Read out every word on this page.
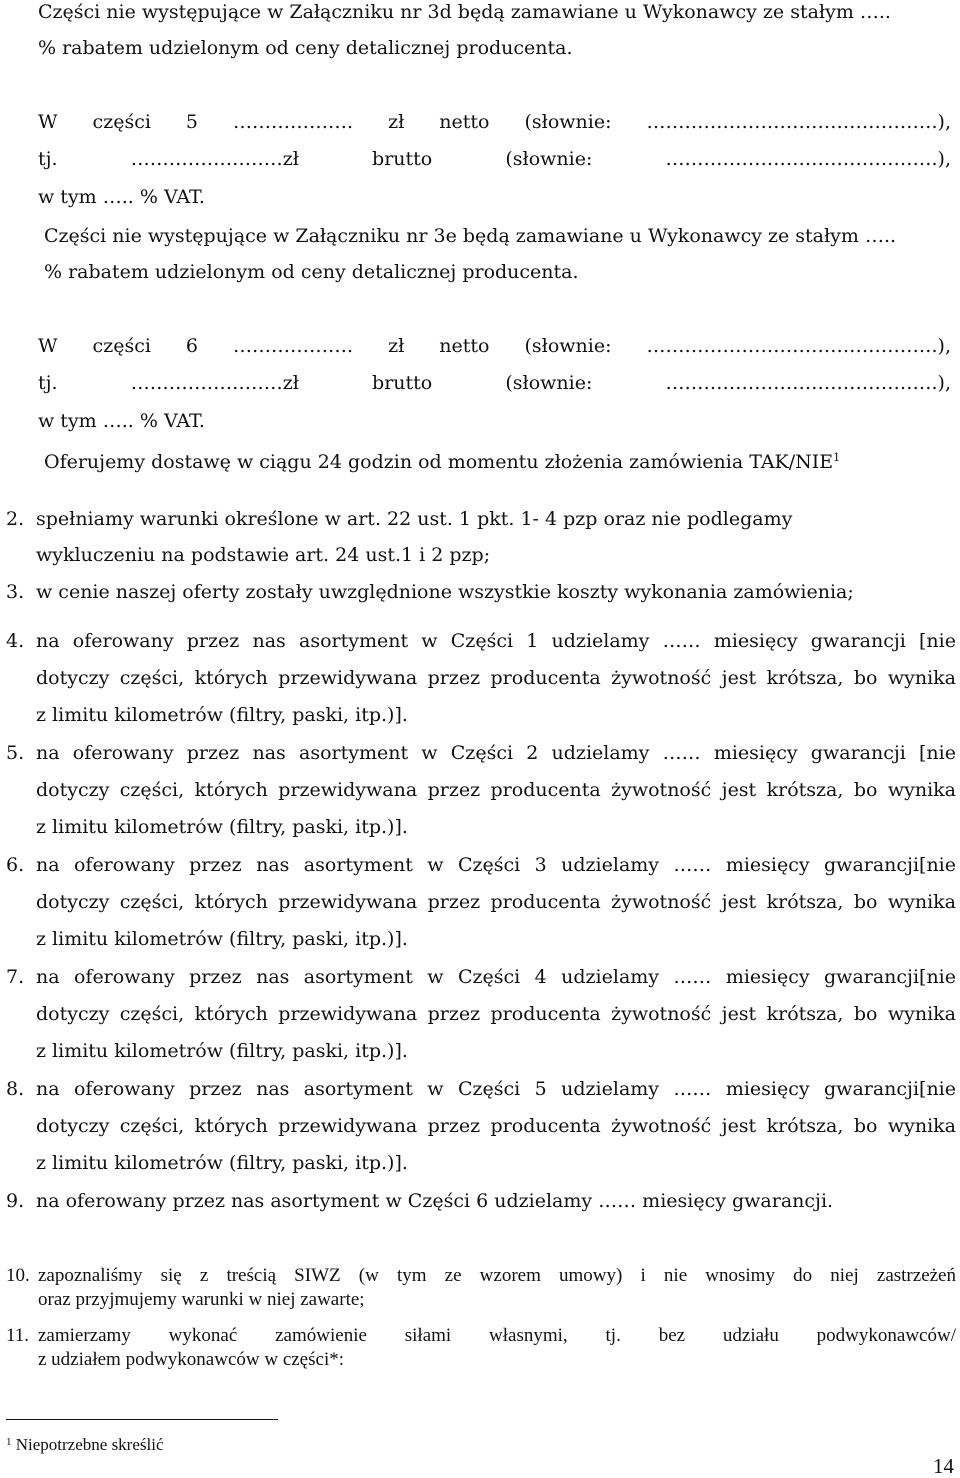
Części nie występujące w Załączniku nr 3d będą zamawiane u Wykonawcy ze stałym …..
% rabatem udzielonym od ceny detalicznej producenta.
W części 5 ………………. zł netto (słownie: ……………………………………….),
tj. ……………………zł brutto (słownie: …………………………………….),
w tym ….. % VAT.
Części nie występujące w Załączniku nr 3e będą zamawiane u Wykonawcy ze stałym …..
% rabatem udzielonym od ceny detalicznej producenta.
W części 6 ………………. zł netto (słownie: ……………………………………….),
tj. ……………………zł brutto (słownie: …………………………………….),
w tym ….. % VAT.
Oferujemy dostawę w ciągu 24 godzin od momentu złożenia zamówienia TAK/NIE$^1$
2. spełniamy warunki określone w art. 22 ust. 1 pkt. 1- 4 pzp oraz nie podlegamy
wykluczeniu na podstawie art. 24 ust.1 i 2 pzp;
3. w cenie naszej oferty zostały uwzględnione wszystkie koszty wykonania zamówienia;
4. na oferowany przez nas asortyment w Części 1 udzielamy …… miesięcy gwarancji [nie
dotyczy części, których przewidywana przez producenta żywotność jest krótsza, bo wynika
z limitu kilometrów (filtry, paski, itp.)].
5. na oferowany przez nas asortyment w Części 2 udzielamy …… miesięcy gwarancji [nie
dotyczy części, których przewidywana przez producenta żywotność jest krótsza, bo wynika
z limitu kilometrów (filtry, paski, itp.)].
6. na oferowany przez nas asortyment w Części 3 udzielamy …… miesięcy gwarancji[nie
dotyczy części, których przewidywana przez producenta żywotność jest krótsza, bo wynika
z limitu kilometrów (filtry, paski, itp.)].
7. na oferowany przez nas asortyment w Części 4 udzielamy …… miesięcy gwarancji[nie
dotyczy części, których przewidywana przez producenta żywotność jest krótsza, bo wynika
z limitu kilometrów (filtry, paski, itp.)].
8. na oferowany przez nas asortyment w Części 5 udzielamy …… miesięcy gwarancji[nie
dotyczy części, których przewidywana przez producenta żywotność jest krótsza, bo wynika
z limitu kilometrów (filtry, paski, itp.)].
9. na oferowany przez nas asortyment w Części 6 udzielamy …… miesięcy gwarancji.
10. zapoznaliśmy się z treścią SIWZ (w tym ze wzorem umowy) i nie wnosimy do niej zastrzeżeń
oraz przyjmujemy warunki w niej zawarte;
11. zamierzamy wykonać zamówienie siłami własnymi, tj. bez udziału podwykonawców/
z udziałem podwykonawców w części*:
$^1$ Niepotrzebne skreślić
14
